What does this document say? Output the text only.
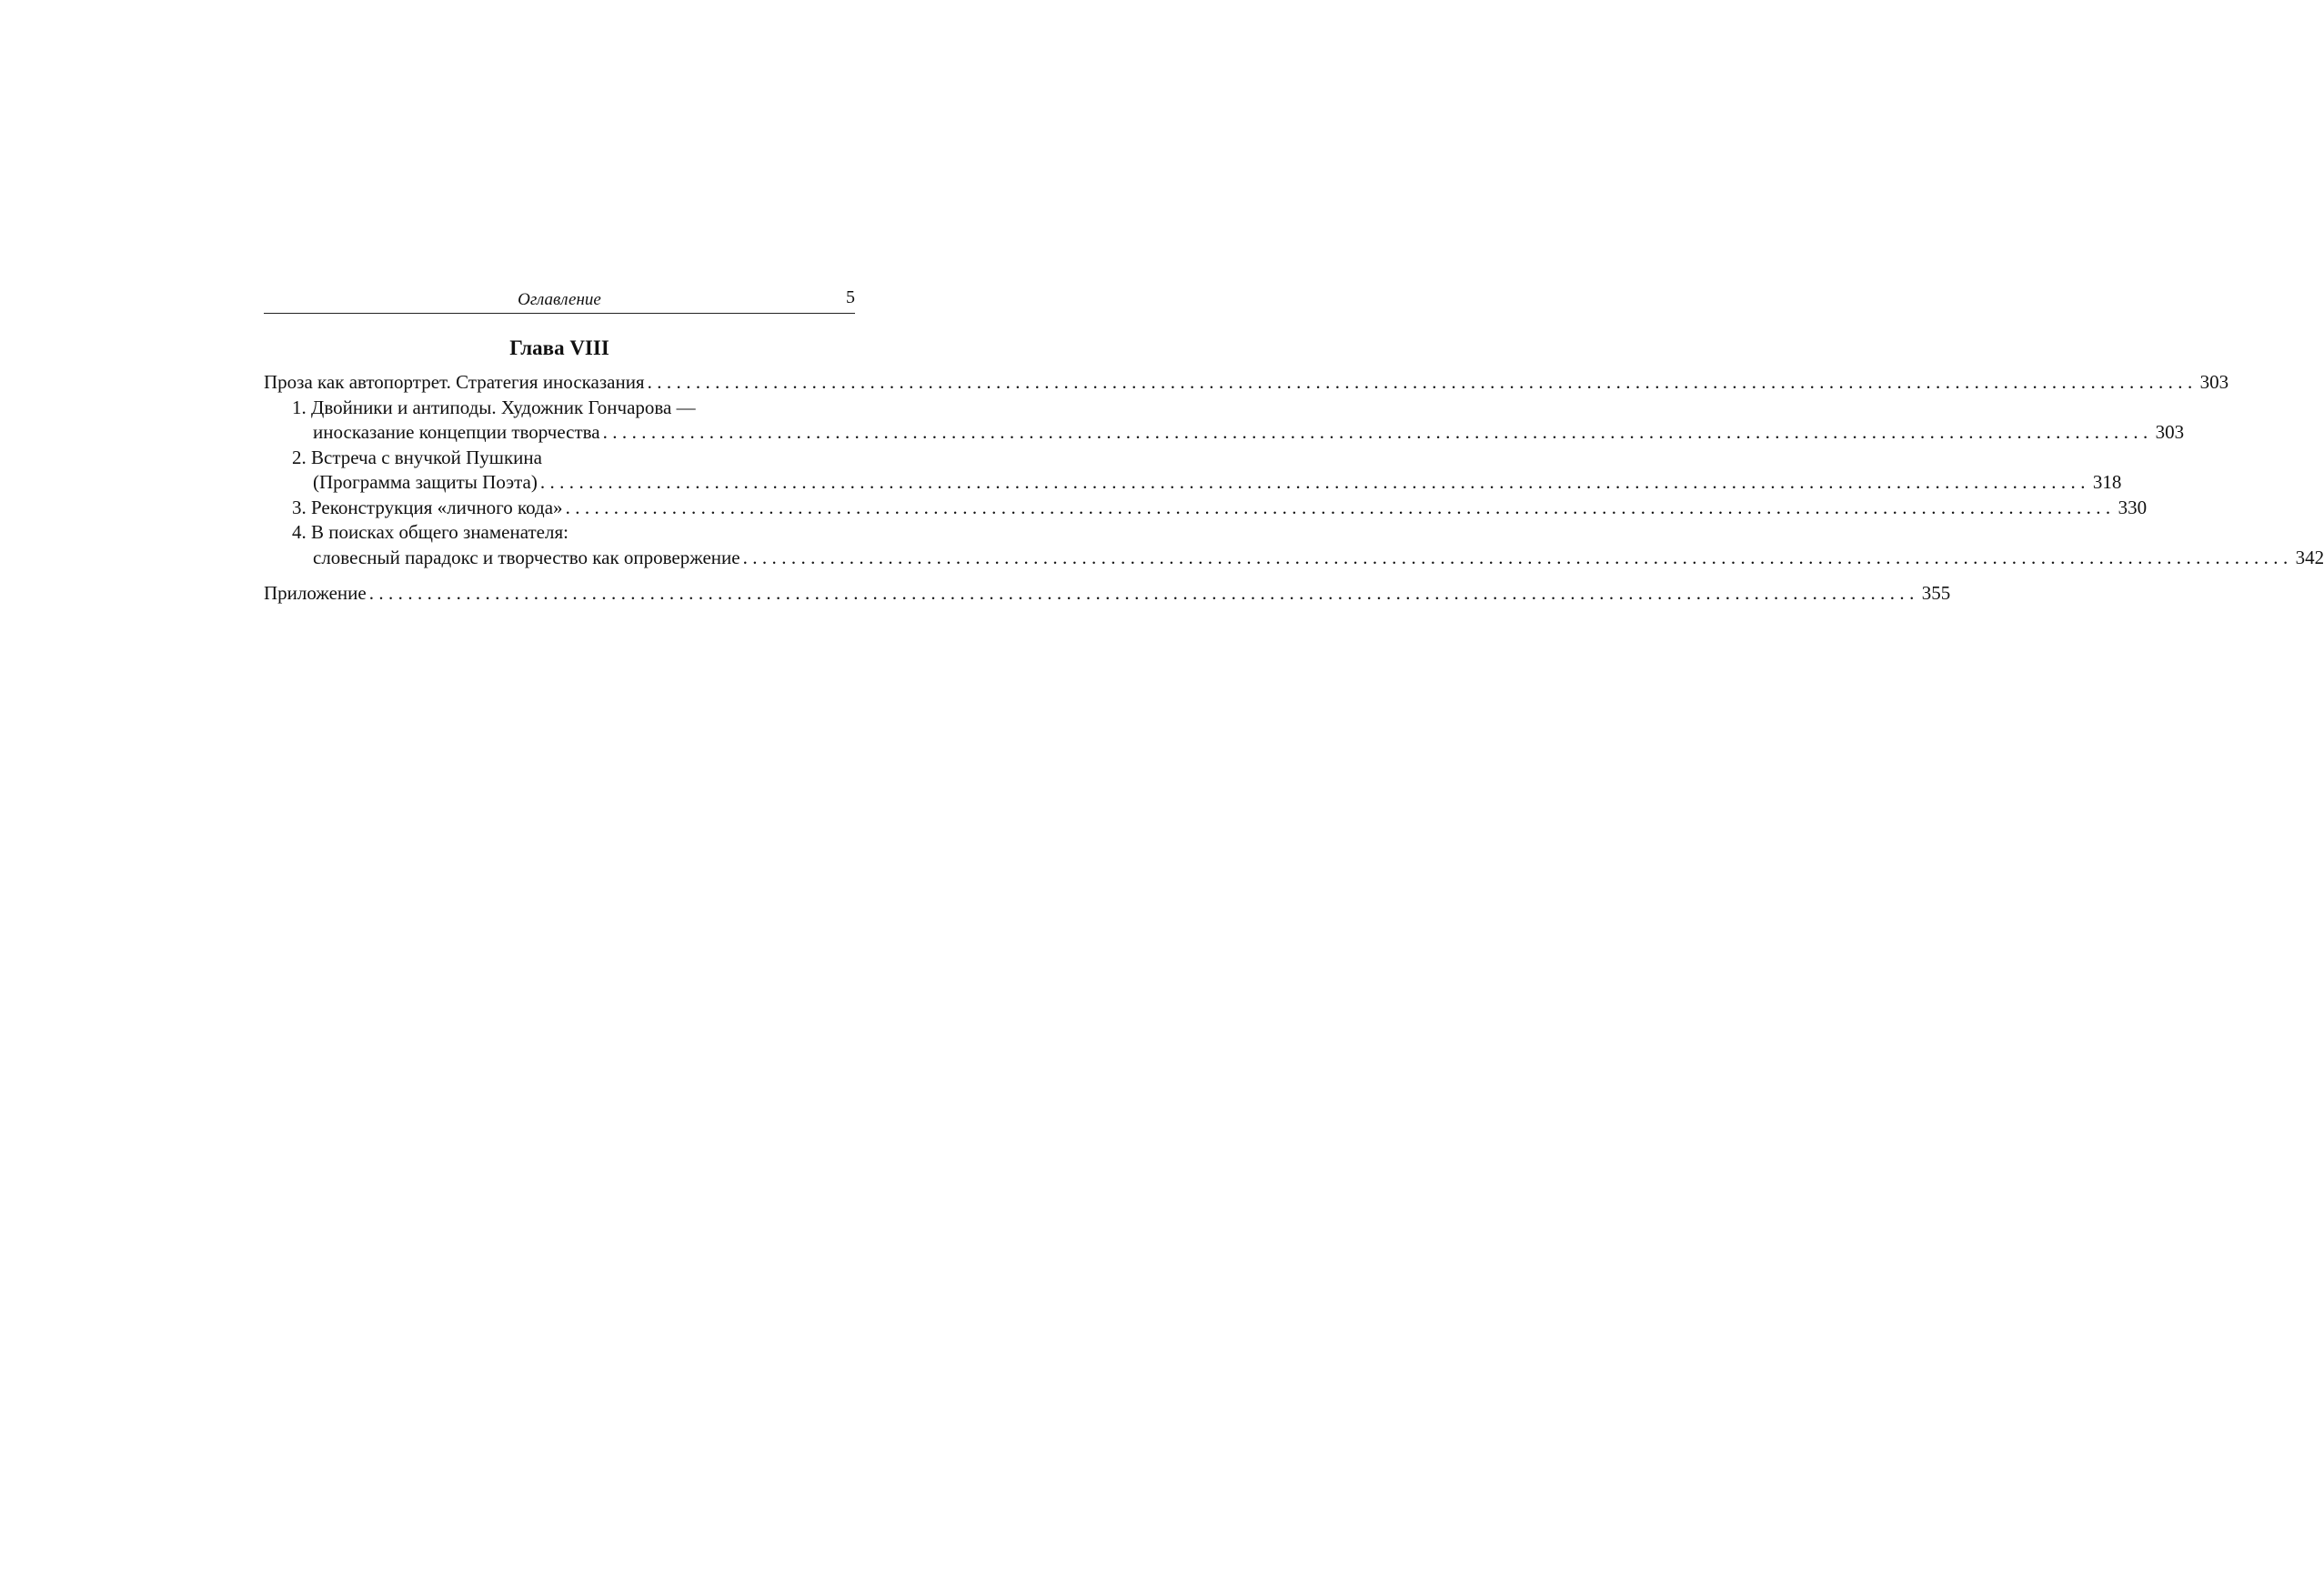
Оглавление	5
Глава VIII
Проза как автопортрет. Стратегия иносказания ................................................................................................................................................................ 303
1. Двойники и антиподы. Художник Гончарова —
иносказание концепции творчества ................................................................................................................................................................ 303
2. Встреча с внучкой Пушкина
(Программа защиты Поэта) ................................................................................................................................................................ 318
3. Реконструкция «личного кода» ................................................................................................................................................................ 330
4. В поисках общего знаменателя:
словесный парадокс и творчество как опровержение ................................................................................................................................................................ 342
Приложение ................................................................................................................................................................ 355
